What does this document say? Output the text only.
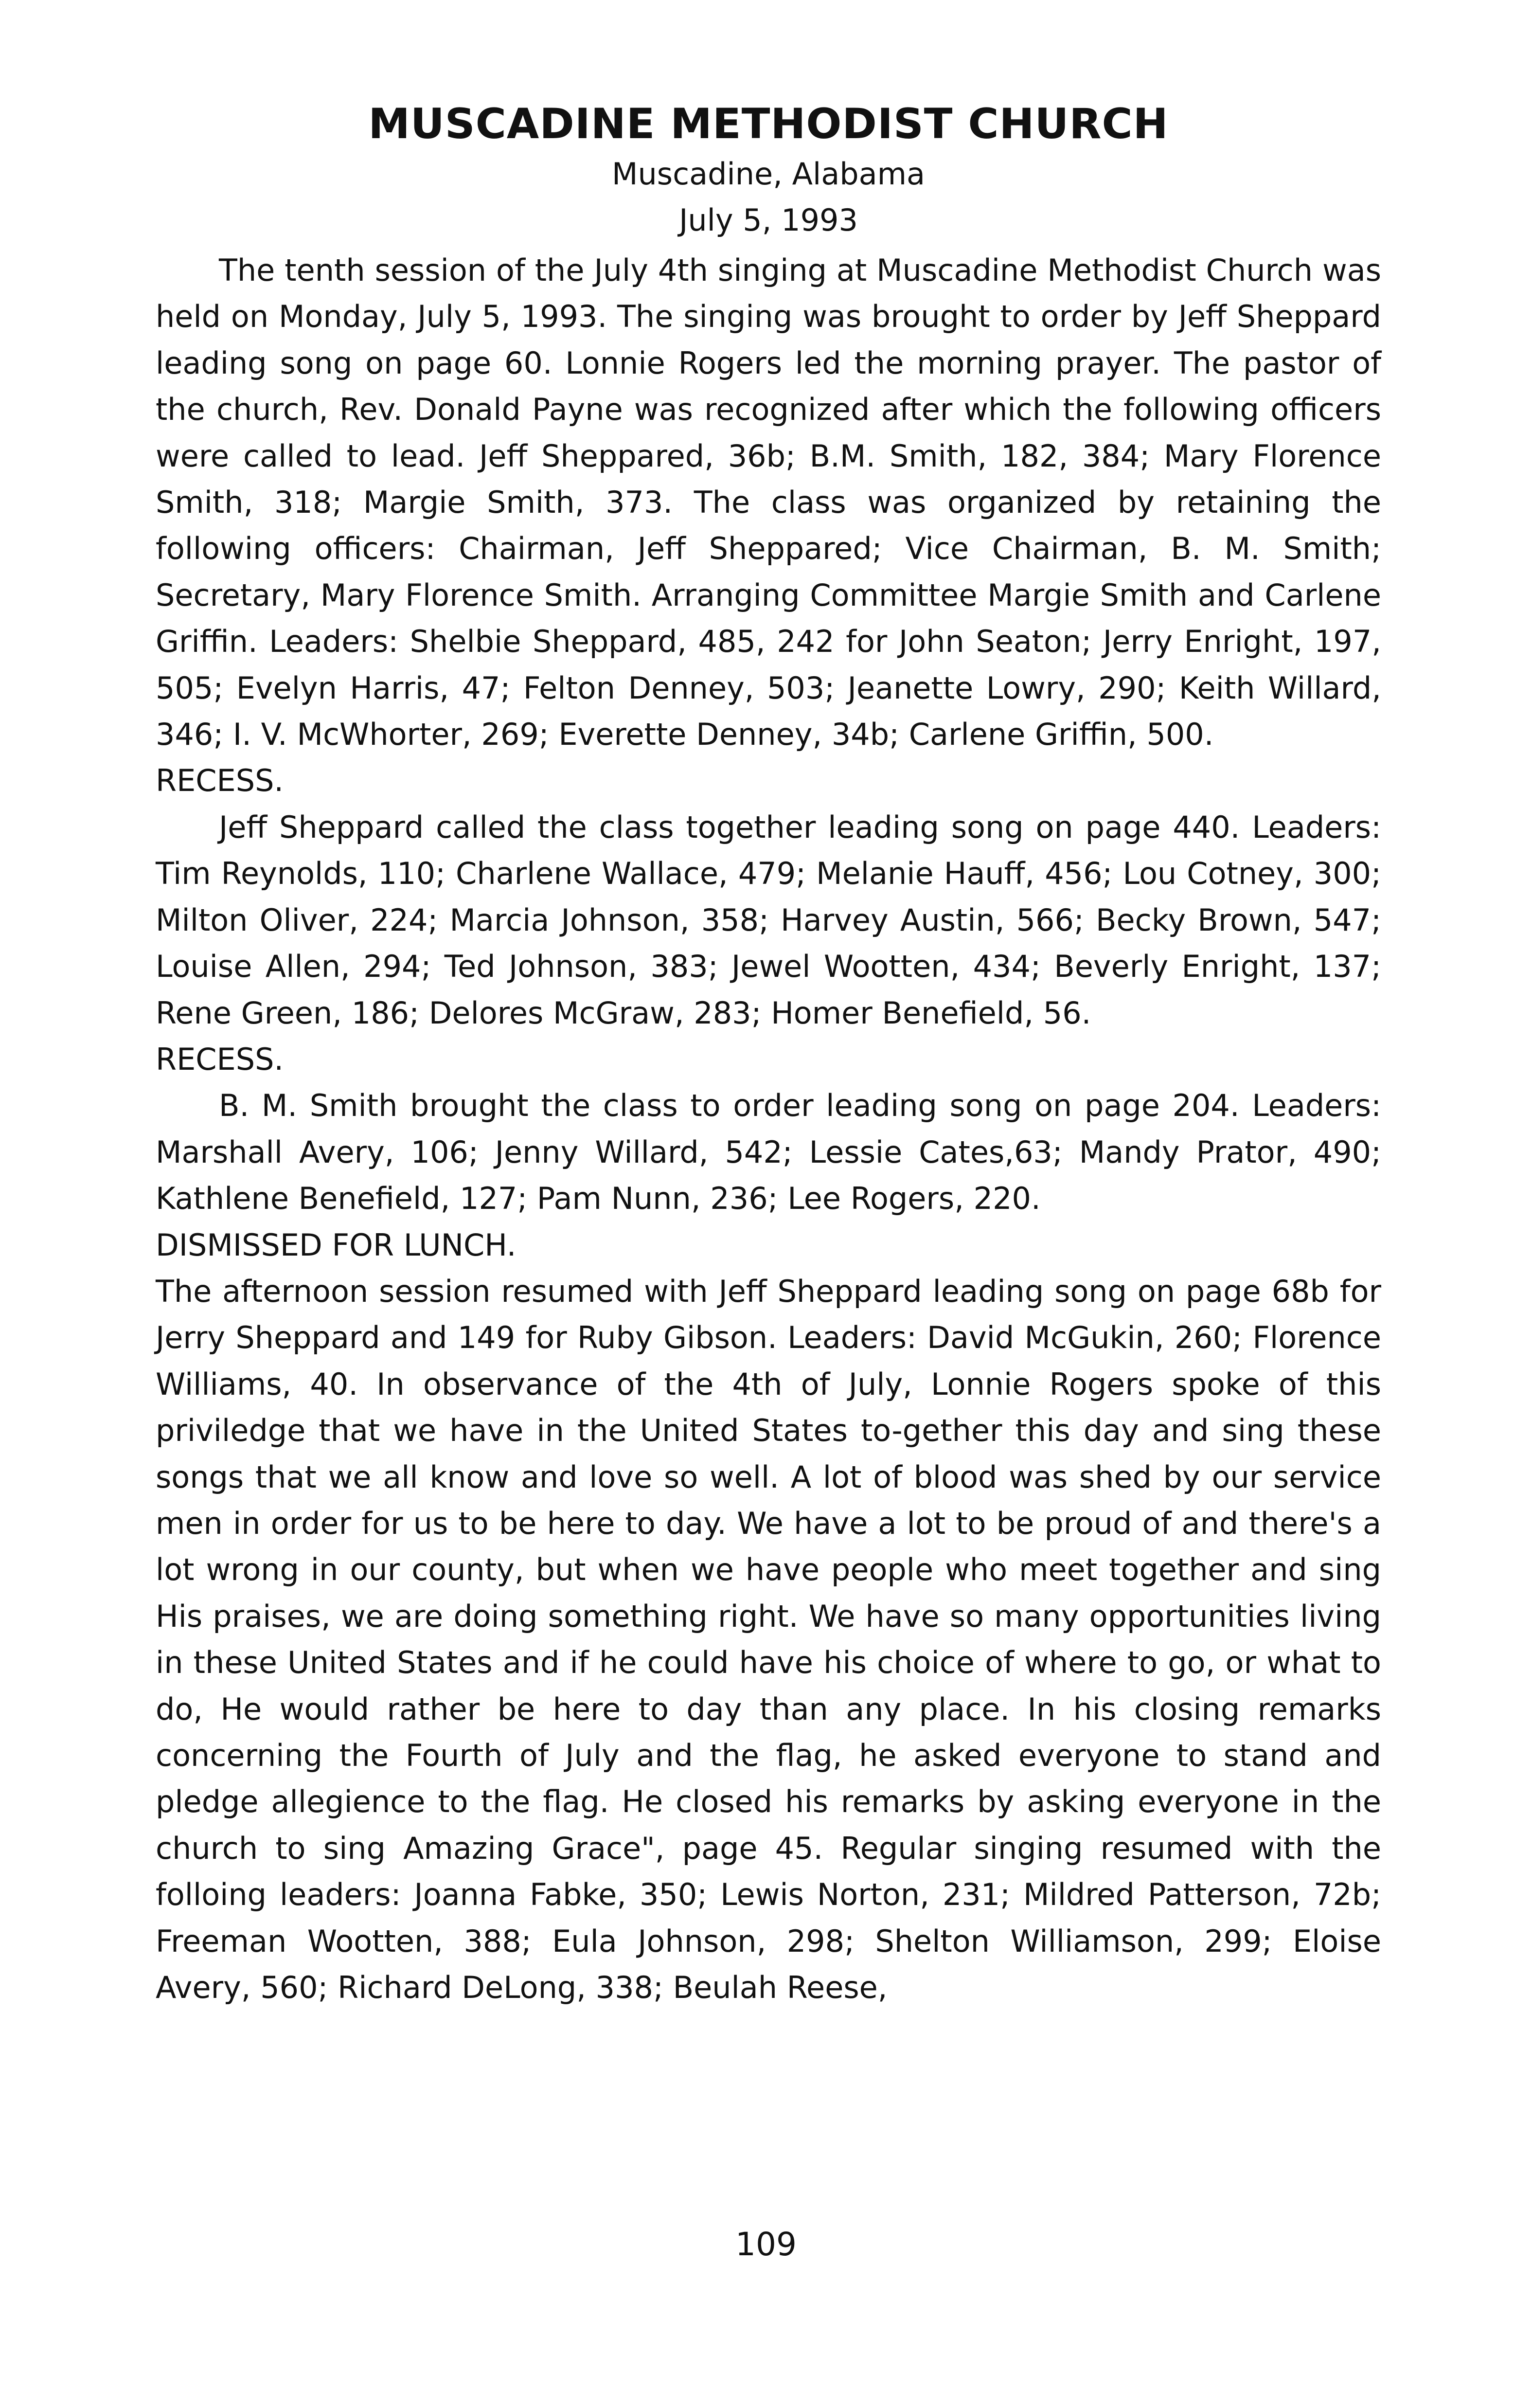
MUSCADINE METHODIST CHURCH

Muscadine, Alabama

July 5, 1993

The tenth session of the July 4th singing at Muscadine Methodist Church was held on Monday, July 5, 1993. The singing was brought to order by Jeff Sheppard leading song on page 60. Lonnie Rogers led the morning prayer. The pastor of the church, Rev. Donald Payne was recognized after which the following officers were called to lead. Jeff Sheppared, 36b; B.M. Smith, 182, 384; Mary Florence Smith, 318; Margie Smith, 373. The class was organized by retaining the following officers: Chairman, Jeff Sheppared; Vice Chairman, B. M. Smith; Secretary, Mary Florence Smith. Arranging Committee Margie Smith and Carlene Griffin. Leaders: Shelbie Sheppard, 485, 242 for John Seaton; Jerry Enright, 197, 505; Evelyn Harris, 47; Felton Denney, 503; Jeanette Lowry, 290; Keith Willard, 346; I. V. McWhorter, 269; Everette Denney, 34b; Carlene Griffin, 500.

RECESS.

Jeff Sheppard called the class together leading song on page 440. Leaders: Tim Reynolds, 110; Charlene Wallace, 479; Melanie Hauff, 456; Lou Cotney, 300; Milton Oliver, 224; Marcia Johnson, 358; Harvey Austin, 566; Becky Brown, 547; Louise Allen, 294; Ted Johnson, 383; Jewel Wootten, 434; Beverly Enright, 137; Rene Green, 186; Delores McGraw, 283; Homer Benefield, 56.

RECESS.

B. M. Smith brought the class to order leading song on page 204. Leaders: Marshall Avery, 106; Jenny Willard, 542; Lessie Cates,63; Mandy Prator, 490; Kathlene Benefield, 127; Pam Nunn, 236; Lee Rogers, 220.

DISMISSED FOR LUNCH.

The afternoon session resumed with Jeff Sheppard leading song on page 68b for Jerry Sheppard and 149 for Ruby Gibson. Leaders: David McGukin, 260; Florence Williams, 40. In observance of the 4th of July, Lonnie Rogers spoke of this priviledge that we have in the United States to-gether this day and sing these songs that we all know and love so well. A lot of blood was shed by our service men in order for us to be here to day. We have a lot to be proud of and there's a lot wrong in our county, but when we have people who meet together and sing His praises, we are doing something right. We have so many opportunities living in these United States and if he could have his choice of where to go, or what to do, He would rather be here to day than any place. In his closing remarks concerning the Fourth of July and the flag, he asked everyone to stand and pledge allegience to the flag. He closed his remarks by asking everyone in the church to sing Amazing Grace", page 45. Regular singing resumed with the folloing leaders: Joanna Fabke, 350; Lewis Norton, 231; Mildred Patterson, 72b; Freeman Wootten, 388; Eula Johnson, 298; Shelton Williamson, 299; Eloise Avery, 560; Richard DeLong, 338; Beulah Reese,

109
